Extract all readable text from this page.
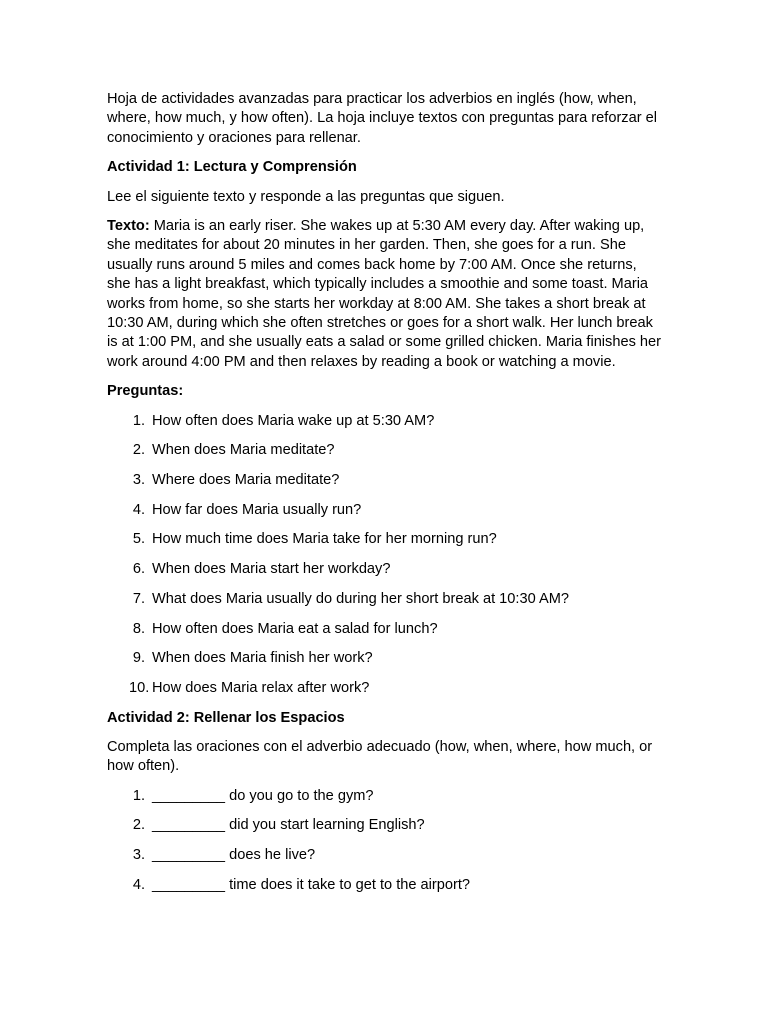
Hoja de actividades avanzadas para practicar los adverbios en inglés (how, when, where, how much, y how often). La hoja incluye textos con preguntas para reforzar el conocimiento y oraciones para rellenar.

Actividad 1: Lectura y Comprensión

Lee el siguiente texto y responde a las preguntas que siguen.

Texto: Maria is an early riser. She wakes up at 5:30 AM every day. After waking up, she meditates for about 20 minutes in her garden. Then, she goes for a run. She usually runs around 5 miles and comes back home by 7:00 AM. Once she returns, she has a light breakfast, which typically includes a smoothie and some toast. Maria works from home, so she starts her workday at 8:00 AM. She takes a short break at 10:30 AM, during which she often stretches or goes for a short walk. Her lunch break is at 1:00 PM, and she usually eats a salad or some grilled chicken. Maria finishes her work around 4:00 PM and then relaxes by reading a book or watching a movie.

Preguntas:

1. How often does Maria wake up at 5:30 AM?
2. When does Maria meditate?
3. Where does Maria meditate?
4. How far does Maria usually run?
5. How much time does Maria take for her morning run?
6. When does Maria start her workday?
7. What does Maria usually do during her short break at 10:30 AM?
8. How often does Maria eat a salad for lunch?
9. When does Maria finish her work?
10. How does Maria relax after work?

Actividad 2: Rellenar los Espacios

Completa las oraciones con el adverbio adecuado (how, when, where, how much, or how often).

1. _________ do you go to the gym?
2. _________ did you start learning English?
3. _________ does he live?
4. _________ time does it take to get to the airport?
